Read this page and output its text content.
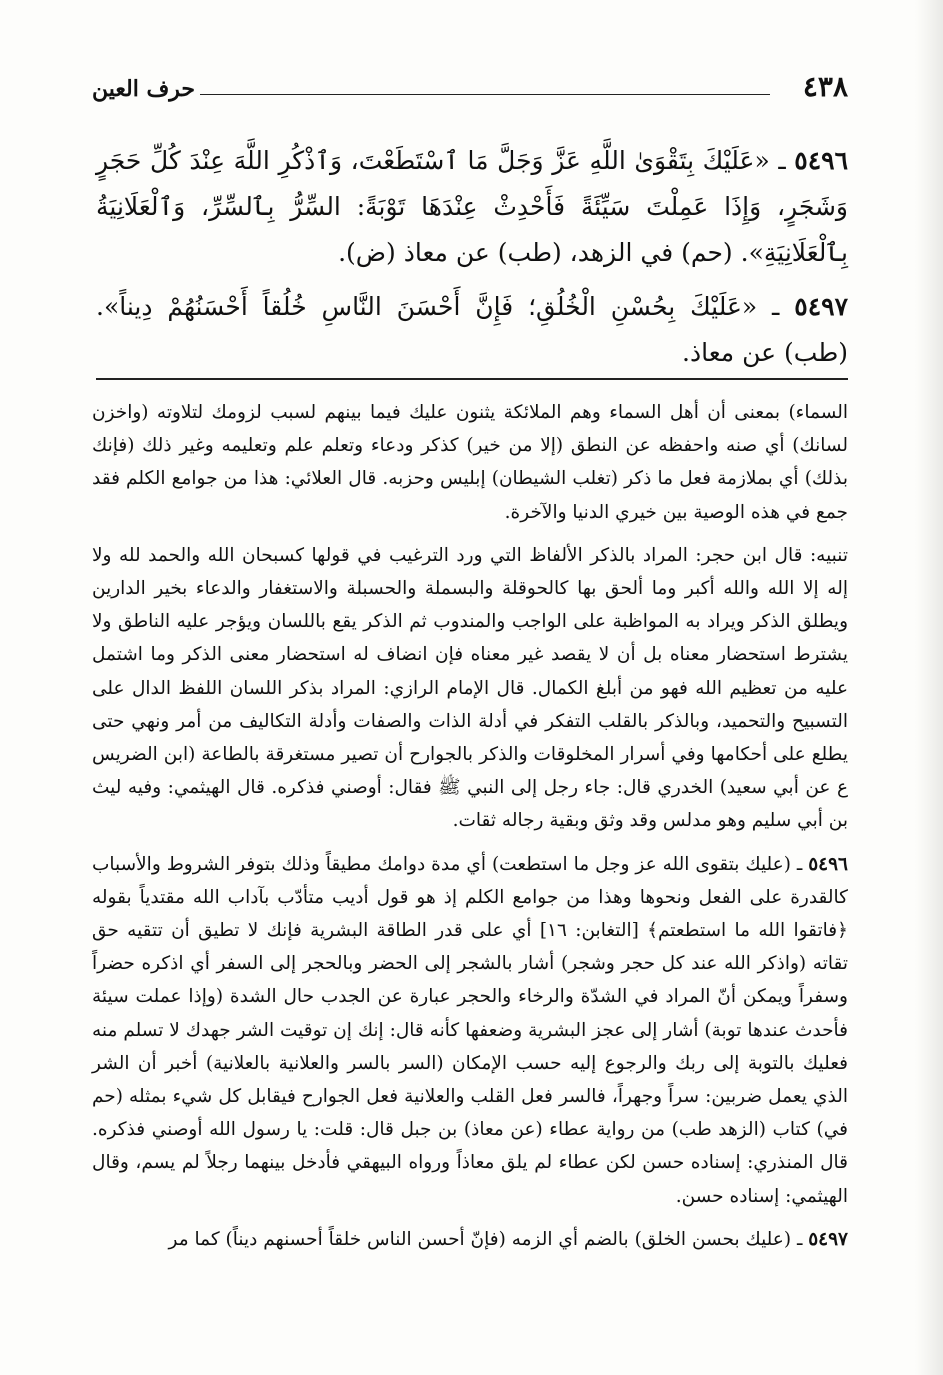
٤٣٨
حرف العين

٥٤٩٦ ـ «عَلَيْكَ بِتَقْوَىٰ اللَّهِ عَزَّ وَجَلَّ مَا ٱسْتَطَعْتَ، وَٱذْكُرِ اللَّهَ عِنْدَ كُلِّ حَجَرٍ وَشَجَرٍ، وَإِذَا عَمِلْتَ سَيِّئَةً فَأَحْدِثْ عِنْدَهَا تَوْبَةً: السِّرُّ بِٱلسِّرِّ، وَٱلْعَلَانِيَةُ بِٱلْعَلَانِيَةِ». (حم) في الزهد، (طب) عن معاذ (ض).

٥٤٩٧ ـ «عَلَيْكَ بِحُسْنِ الْخُلُقِ؛ فَإِنَّ أَحْسَنَ النَّاسِ خُلُقاً أَحْسَنُهُمْ دِيناً». (طب) عن معاذ.

السماء) بمعنى أن أهل السماء وهم الملائكة يثنون عليك فيما بينهم لسبب لزومك لتلاوته (واخزن لسانك) أي صنه واحفظه عن النطق (إلا من خير) كذكر ودعاء وتعلم علم وتعليمه وغير ذلك (فإنك بذلك) أي بملازمة فعل ما ذكر (تغلب الشيطان) إبليس وحزبه. قال العلائي: هذا من جوامع الكلم فقد جمع في هذه الوصية بين خيري الدنيا والآخرة.

تنبيه: قال ابن حجر: المراد بالذكر الألفاظ التي ورد الترغيب في قولها كسبحان الله والحمد لله ولا إله إلا الله والله أكبر وما ألحق بها كالحوقلة والبسملة والحسبلة والاستغفار والدعاء بخير الدارين ويطلق الذكر ويراد به المواظبة على الواجب والمندوب ثم الذكر يقع باللسان ويؤجر عليه الناطق ولا يشترط استحضار معناه بل أن لا يقصد غير معناه فإن انضاف له استحضار معنى الذكر وما اشتمل عليه من تعظيم الله فهو من أبلغ الكمال. قال الإمام الرازي: المراد بذكر اللسان اللفظ الدال على التسبيح والتحميد، وبالذكر بالقلب التفكر في أدلة الذات والصفات وأدلة التكاليف من أمر ونهي حتى يطلع على أحكامها وفي أسرار المخلوقات والذكر بالجوارح أن تصير مستغرقة بالطاعة (ابن الضريس ع عن أبي سعيد) الخدري قال: جاء رجل إلى النبي ﷺ فقال: أوصني فذكره. قال الهيثمي: وفيه ليث بن أبي سليم وهو مدلس وقد وثق وبقية رجاله ثقات.

٥٤٩٦ ـ (عليك بتقوى الله عز وجل ما استطعت) أي مدة دوامك مطيقاً وذلك بتوفر الشروط والأسباب كالقدرة على الفعل ونحوها وهذا من جوامع الكلم إذ هو قول أديب متأدّب بآداب الله مقتدياً بقوله ﴿فاتقوا الله ما استطعتم﴾ [التغابن: ١٦] أي على قدر الطاقة البشرية فإنك لا تطيق أن تتقيه حق تقاته (واذكر الله عند كل حجر وشجر) أشار بالشجر إلى الحضر وبالحجر إلى السفر أي اذكره حضراً وسفراً ويمكن أنّ المراد في الشدّة والرخاء والحجر عبارة عن الجدب حال الشدة (وإذا عملت سيئة فأحدث عندها توبة) أشار إلى عجز البشرية وضعفها كأنه قال: إنك إن توقيت الشر جهدك لا تسلم منه فعليك بالتوبة إلى ربك والرجوع إليه حسب الإمكان (السر بالسر والعلانية بالعلانية) أخبر أن الشر الذي يعمل ضربين: سراً وجهراً، فالسر فعل القلب والعلانية فعل الجوارح فيقابل كل شيء بمثله (حم في) كتاب (الزهد طب) من رواية عطاء (عن معاذ) بن جبل قال: قلت: يا رسول الله أوصني فذكره. قال المنذري: إسناده حسن لكن عطاء لم يلق معاذاً ورواه البيهقي فأدخل بينهما رجلاً لم يسم، وقال الهيثمي: إسناده حسن.

٥٤٩٧ ـ (عليك بحسن الخلق) بالضم أي الزمه (فإنّ أحسن الناس خلقاً أحسنهم ديناً) كما مر
